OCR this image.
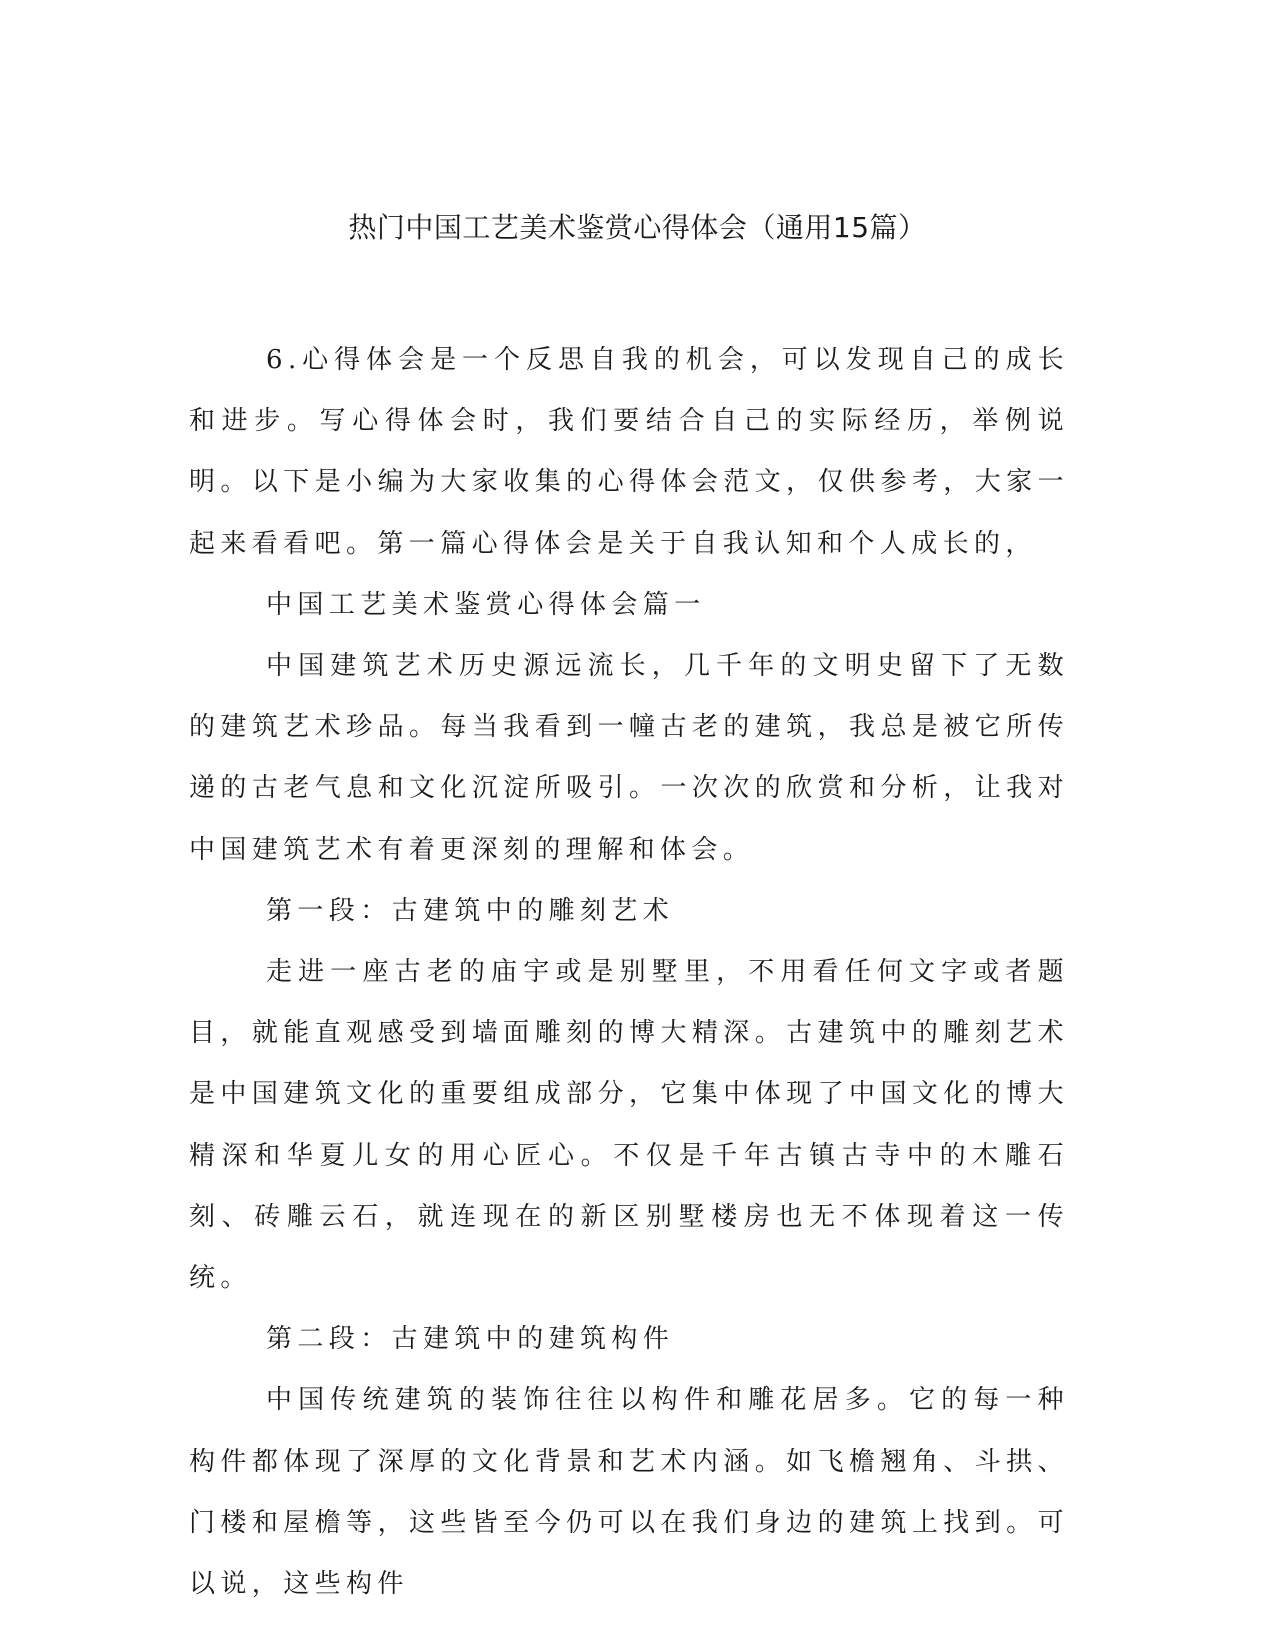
热门中国工艺美术鉴赏心得体会（通用15篇）

6.心得体会是一个反思自我的机会，可以发现自己的成长和进步。写心得体会时，我们要结合自己的实际经历，举例说明。以下是小编为大家收集的心得体会范文，仅供参考，大家一起来看看吧。第一篇心得体会是关于自我认知和个人成长的，

中国工艺美术鉴赏心得体会篇一

中国建筑艺术历史源远流长，几千年的文明史留下了无数的建筑艺术珍品。每当我看到一幢古老的建筑，我总是被它所传递的古老气息和文化沉淀所吸引。一次次的欣赏和分析，让我对中国建筑艺术有着更深刻的理解和体会。

第一段：古建筑中的雕刻艺术

走进一座古老的庙宇或是别墅里，不用看任何文字或者题目，就能直观感受到墙面雕刻的博大精深。古建筑中的雕刻艺术是中国建筑文化的重要组成部分，它集中体现了中国文化的博大精深和华夏儿女的用心匠心。不仅是千年古镇古寺中的木雕石刻、砖雕云石，就连现在的新区别墅楼房也无不体现着这一传统。

第二段：古建筑中的建筑构件

中国传统建筑的装饰往往以构件和雕花居多。它的每一种构件都体现了深厚的文化背景和艺术内涵。如飞檐翘角、斗拱、门楼和屋檐等，这些皆至今仍可以在我们身边的建筑上找到。可以说，这些构件
